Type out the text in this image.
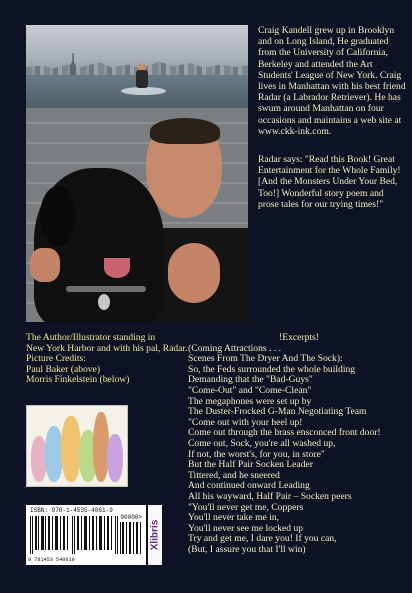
Craig Kandell grew up in Brooklyn and on Long Island, He graduated from the University of California, Berkeley and attended the Art Students' League of New York. Craig lives in Manhattan with his best friend Radar (a Labrador Retriever). He has swum around Manhattan on four occasions and maintains a web site at www.ckk-ink.com.

Radar says: "Read this Book! Great Entertainment for the Whole Family! [And the Monsters Under Your Bed, Too!] Wonderful story poem and prose tales for our trying times!"

The Author/Illustrator standing in
New York Harbor and with his pal, Radar.
Picture Credits:
Paul Baker (above)
Morris Finkelstein (below)
ISBN: 978-1-4535-4061-9
90000>
9 781453 540619
Xlibris
!Excerpts!
(Coming Attractions . . .
Scenes From The Dryer And The Sock):
So, the Feds surrounded the whole building
Demanding that the "Bad-Guys"
"Come-Out" and "Come-Clean"
The megaphones were set up by
The Duster-Frocked G-Man Negotiating Team
"Come out with your heel up!
Come out through the brass ensconced front door!
Come out, Sock, you're all washed up,
If not, the worst's, for you, in store"
But the Half Pair Socken Leader
Tittered, and he sneered
And continued onward Leading
All his wayward, Half Pair – Socken peers
"You'll never get me, Coppers
You'll never take me in,
You'll never see me locked up
Try and get me, I dare you! If you can,
(But, I assure you that I'll win)
